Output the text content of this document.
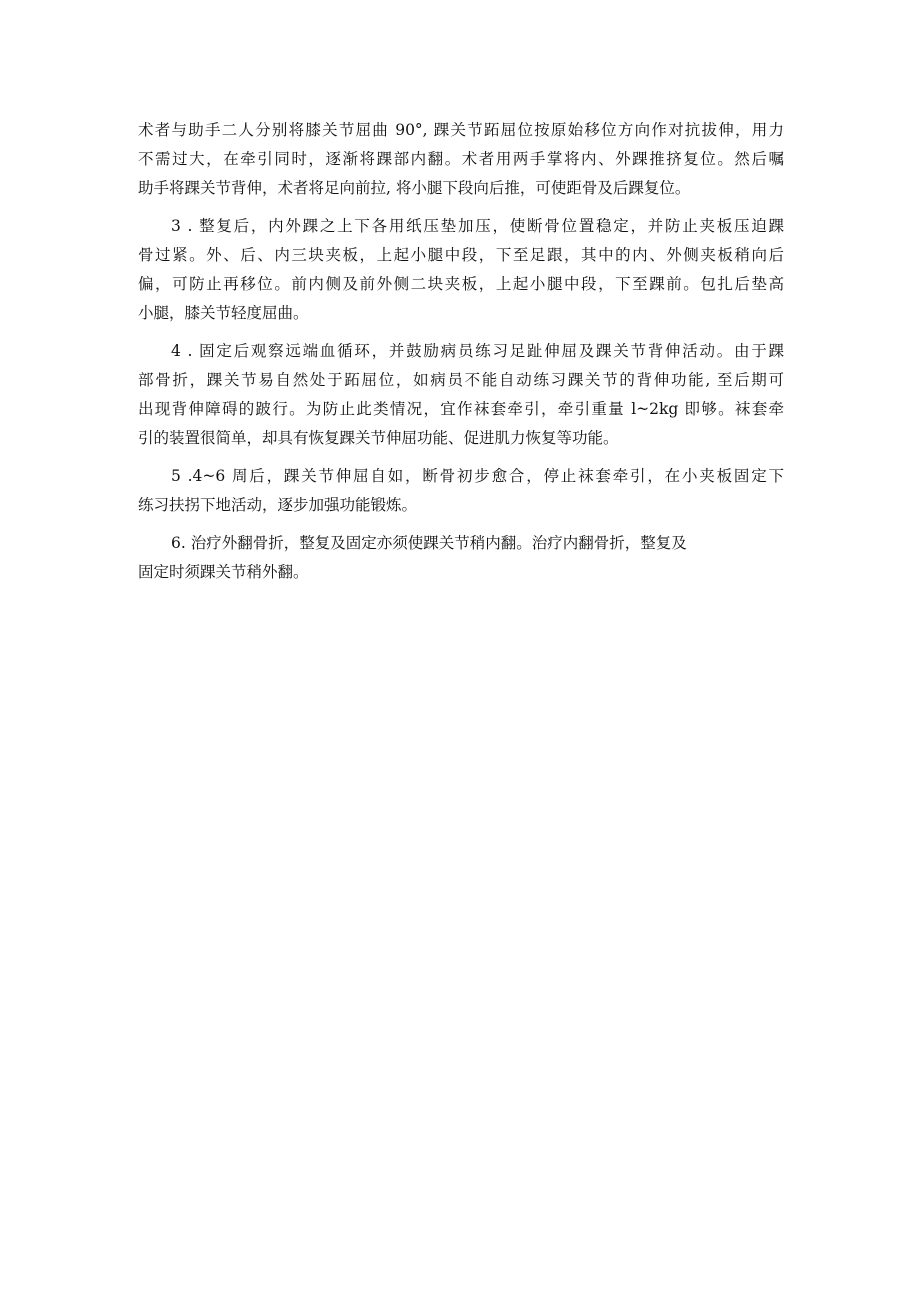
术者与助手二人分别将膝关节屈曲 90°, 踝关节跖屈位按原始移位方向作对抗拔伸，用力
不需过大，在牵引同时，逐渐将踝部内翻。术者用两手掌将内、外踝推挤复位。然后嘱
助手将踝关节背伸，术者将足向前拉, 将小腿下段向后推，可使距骨及后踝复位。
3 . 整复后，内外踝之上下各用纸压垫加压，使断骨位置稳定，并防止夹板压迫踝
骨过紧。外、后、内三块夹板，上起小腿中段，下至足跟，其中的内、外侧夹板稍向后
偏，可防止再移位。前内侧及前外侧二块夹板，上起小腿中段，下至踝前。包扎后垫高
小腿，膝关节轻度屈曲。
4 . 固定后观察远端血循环，并鼓励病员练习足趾伸屈及踝关节背伸活动。由于踝
部骨折，踝关节易自然处于跖屈位，如病员不能自动练习踝关节的背伸功能, 至后期可
出现背伸障碍的跛行。为防止此类情况，宜作袜套牵引，牵引重量 l~2kg 即够。袜套牵
引的装置很简单，却具有恢复踝关节伸屈功能、促进肌力恢复等功能。
5 .4~6 周后，踝关节伸屈自如，断骨初步愈合，停止袜套牵引，在小夹板固定下
练习扶拐下地活动，逐步加强功能锻炼。
6. 治疗外翻骨折，整复及固定亦须使踝关节稍内翻。治疗内翻骨折，整复及
固定时须踝关节稍外翻。
